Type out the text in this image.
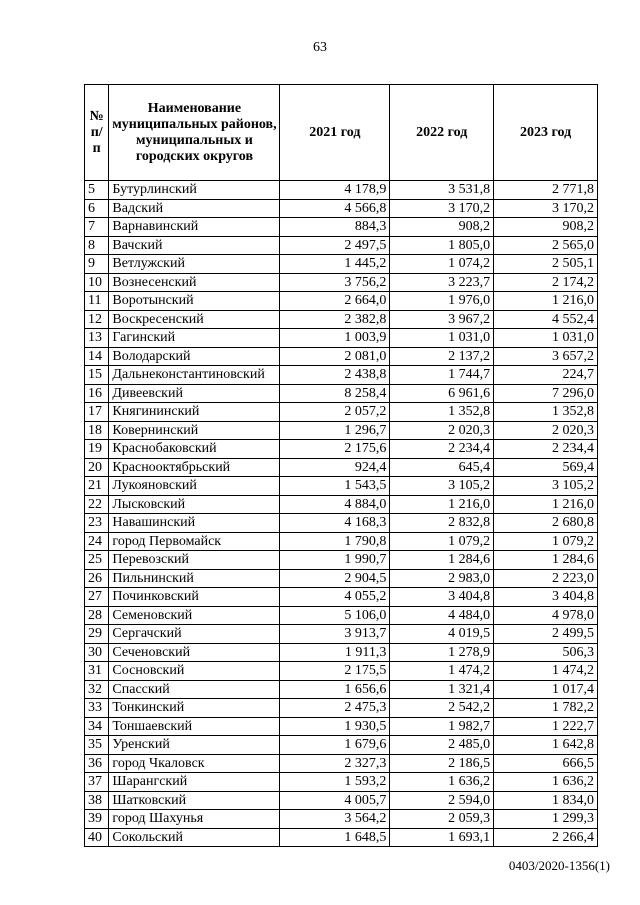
63
№ п/п	Наименование муниципальных районов, муниципальных и городских округов	2021 год	2022 год	2023 год
5	Бутурлинский	4 178,9	3 531,8	2 771,8
6	Вадский	4 566,8	3 170,2	3 170,2
7	Варнавинский	884,3	908,2	908,2
8	Вачский	2 497,5	1 805,0	2 565,0
9	Ветлужский	1 445,2	1 074,2	2 505,1
10	Вознесенский	3 756,2	3 223,7	2 174,2
11	Воротынский	2 664,0	1 976,0	1 216,0
12	Воскресенский	2 382,8	3 967,2	4 552,4
13	Гагинский	1 003,9	1 031,0	1 031,0
14	Володарский	2 081,0	2 137,2	3 657,2
15	Дальнеконстантиновский	2 438,8	1 744,7	224,7
16	Дивеевский	8 258,4	6 961,6	7 296,0
17	Княгининский	2 057,2	1 352,8	1 352,8
18	Ковернинский	1 296,7	2 020,3	2 020,3
19	Краснобаковский	2 175,6	2 234,4	2 234,4
20	Краснооктябрьский	924,4	645,4	569,4
21	Лукояновский	1 543,5	3 105,2	3 105,2
22	Лысковский	4 884,0	1 216,0	1 216,0
23	Навашинский	4 168,3	2 832,8	2 680,8
24	город Первомайск	1 790,8	1 079,2	1 079,2
25	Перевозский	1 990,7	1 284,6	1 284,6
26	Пильнинский	2 904,5	2 983,0	2 223,0
27	Починковский	4 055,2	3 404,8	3 404,8
28	Семеновский	5 106,0	4 484,0	4 978,0
29	Сергачский	3 913,7	4 019,5	2 499,5
30	Сеченовский	1 911,3	1 278,9	506,3
31	Сосновский	2 175,5	1 474,2	1 474,2
32	Спасский	1 656,6	1 321,4	1 017,4
33	Тонкинский	2 475,3	2 542,2	1 782,2
34	Тоншаевский	1 930,5	1 982,7	1 222,7
35	Уренский	1 679,6	2 485,0	1 642,8
36	город Чкаловск	2 327,3	2 186,5	666,5
37	Шарангский	1 593,2	1 636,2	1 636,2
38	Шатковский	4 005,7	2 594,0	1 834,0
39	город Шахунья	3 564,2	2 059,3	1 299,3
40	Сокольский	1 648,5	1 693,1	2 266,4
0403/2020-1356(1)
